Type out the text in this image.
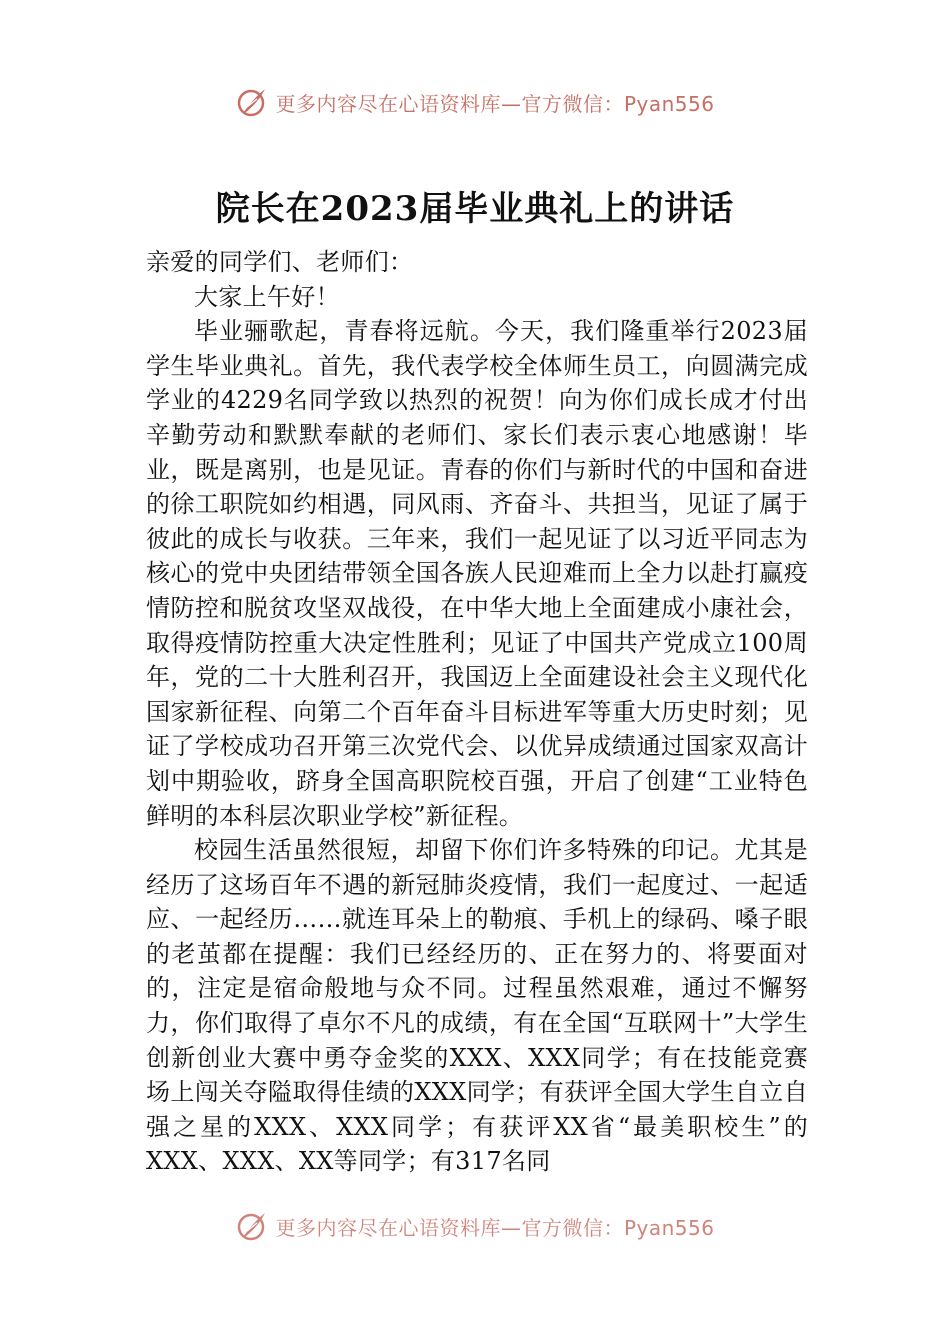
更多内容尽在心语资料库—官方微信：Pyan556
院长在2023届毕业典礼上的讲话

亲爱的同学们、老师们：

大家上午好！

毕业骊歌起，青春将远航。今天，我们隆重举行2023届学生毕业典礼。首先，我代表学校全体师生员工，向圆满完成学业的4229名同学致以热烈的祝贺！向为你们成长成才付出辛勤劳动和默默奉献的老师们、家长们表示衷心地感谢！毕业，既是离别，也是见证。青春的你们与新时代的中国和奋进的徐工职院如约相遇，同风雨、齐奋斗、共担当，见证了属于彼此的成长与收获。三年来，我们一起见证了以习近平同志为核心的党中央团结带领全国各族人民迎难而上全力以赴打赢疫情防控和脱贫攻坚双战役，在中华大地上全面建成小康社会，取得疫情防控重大决定性胜利；见证了中国共产党成立100周年，党的二十大胜利召开，我国迈上全面建设社会主义现代化国家新征程、向第二个百年奋斗目标进军等重大历史时刻；见证了学校成功召开第三次党代会、以优异成绩通过国家双高计划中期验收，跻身全国高职院校百强，开启了创建“工业特色鲜明的本科层次职业学校”新征程。

校园生活虽然很短，却留下你们许多特殊的印记。尤其是经历了这场百年不遇的新冠肺炎疫情，我们一起度过、一起适应、一起经历……就连耳朵上的勒痕、手机上的绿码、嗓子眼的老茧都在提醒：我们已经经历的、正在努力的、将要面对的，注定是宿命般地与众不同。过程虽然艰难，通过不懈努力，你们取得了卓尔不凡的成绩，有在全国“互联网十”大学生创新创业大赛中勇夺金奖的XXX、XXX同学；有在技能竞赛场上闯关夺隘取得佳绩的XXX同学；有获评全国大学生自立自强之星的XXX、XXX同学；有获评XX省“最美职校生”的XXX、XXX、XX等同学；有317名同

更多内容尽在心语资料库—官方微信：Pyan556
